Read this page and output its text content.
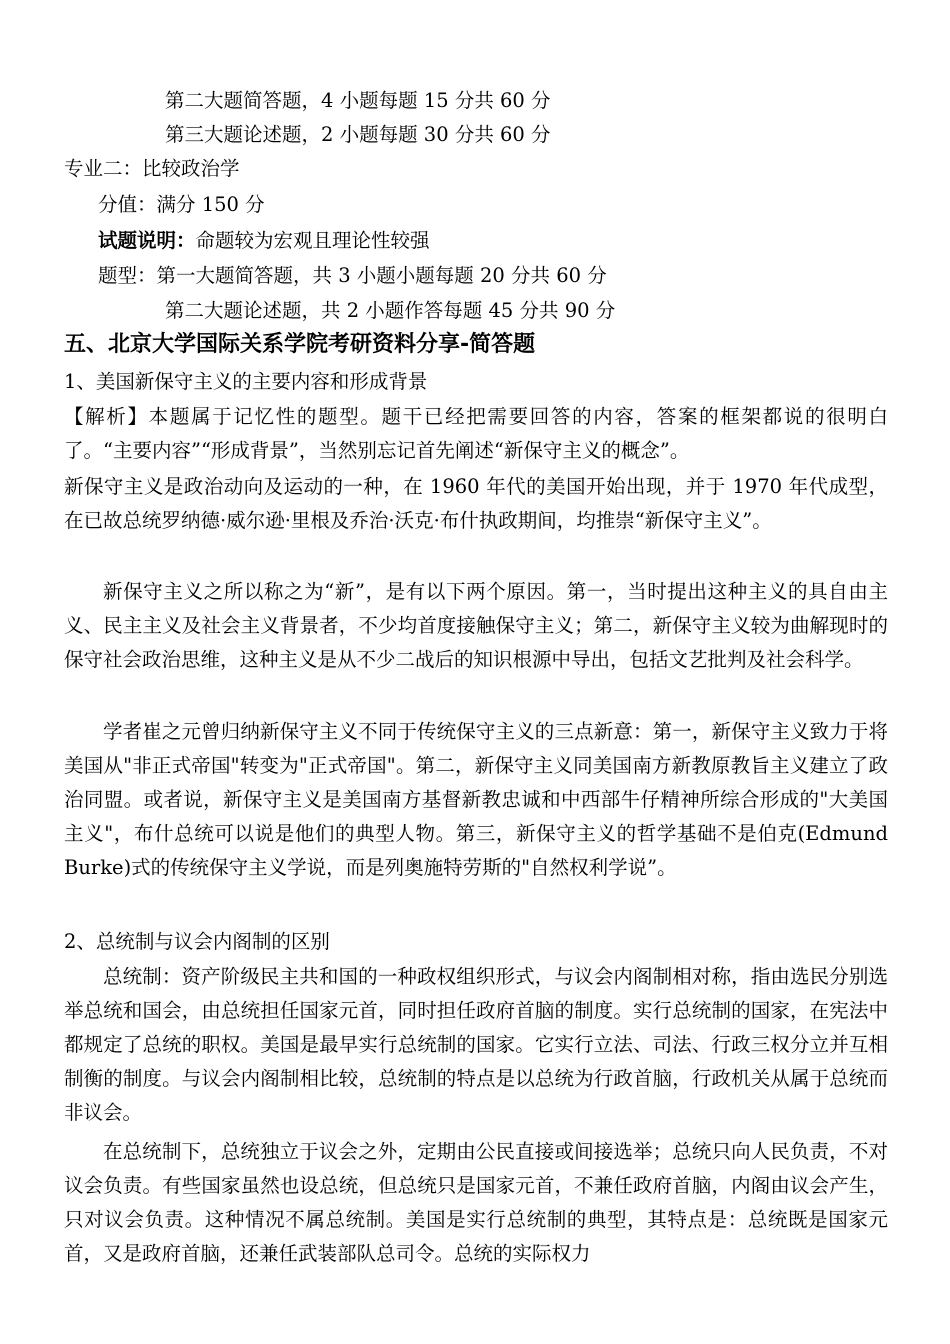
第二大题简答题，4 小题每题 15 分共 60 分

第三大题论述题，2 小题每题 30 分共 60 分

专业二：比较政治学

分值：满分 150 分

试题说明：命题较为宏观且理论性较强

题型：第一大题简答题，共 3 小题小题每题 20 分共 60 分

第二大题论述题，共 2 小题作答每题 45 分共 90 分

五、北京大学国际关系学院考研资料分享-简答题

1、美国新保守主义的主要内容和形成背景

【解析】本题属于记忆性的题型。题干已经把需要回答的内容，答案的框架都说的很明白了。“主要内容”“形成背景”，当然别忘记首先阐述“新保守主义的概念”。

新保守主义是政治动向及运动的一种，在 1960 年代的美国开始出现，并于 1970 年代成型，在已故总统罗纳德·威尔逊·里根及乔治·沃克·布什执政期间，均推崇“新保守主义”。

新保守主义之所以称之为“新”，是有以下两个原因。第一，当时提出这种主义的具自由主义、民主主义及社会主义背景者，不少均首度接触保守主义；第二，新保守主义较为曲解现时的保守社会政治思维，这种主义是从不少二战后的知识根源中导出，包括文艺批判及社会科学。

学者崔之元曾归纳新保守主义不同于传统保守主义的三点新意：第一，新保守主义致力于将美国从"非正式帝国"转变为"正式帝国"。第二，新保守主义同美国南方新教原教旨主义建立了政治同盟。或者说，新保守主义是美国南方基督新教忠诚和中西部牛仔精神所综合形成的"大美国主义"，布什总统可以说是他们的典型人物。第三，新保守主义的哲学基础不是伯克(Edmund Burke)式的传统保守主义学说，而是列奥施特劳斯的"自然权利学说”。

2、总统制与议会内阁制的区别

总统制：资产阶级民主共和国的一种政权组织形式，与议会内阁制相对称，指由选民分别选举总统和国会，由总统担任国家元首，同时担任政府首脑的制度。实行总统制的国家，在宪法中都规定了总统的职权。美国是最早实行总统制的国家。它实行立法、司法、行政三权分立并互相制衡的制度。与议会内阁制相比较，总统制的特点是以总统为行政首脑，行政机关从属于总统而非议会。

在总统制下，总统独立于议会之外，定期由公民直接或间接选举；总统只向人民负责，不对议会负责。有些国家虽然也设总统，但总统只是国家元首，不兼任政府首脑，内阁由议会产生，只对议会负责。这种情况不属总统制。美国是实行总统制的典型，其特点是：总统既是国家元首，又是政府首脑，还兼任武装部队总司令。总统的实际权力
